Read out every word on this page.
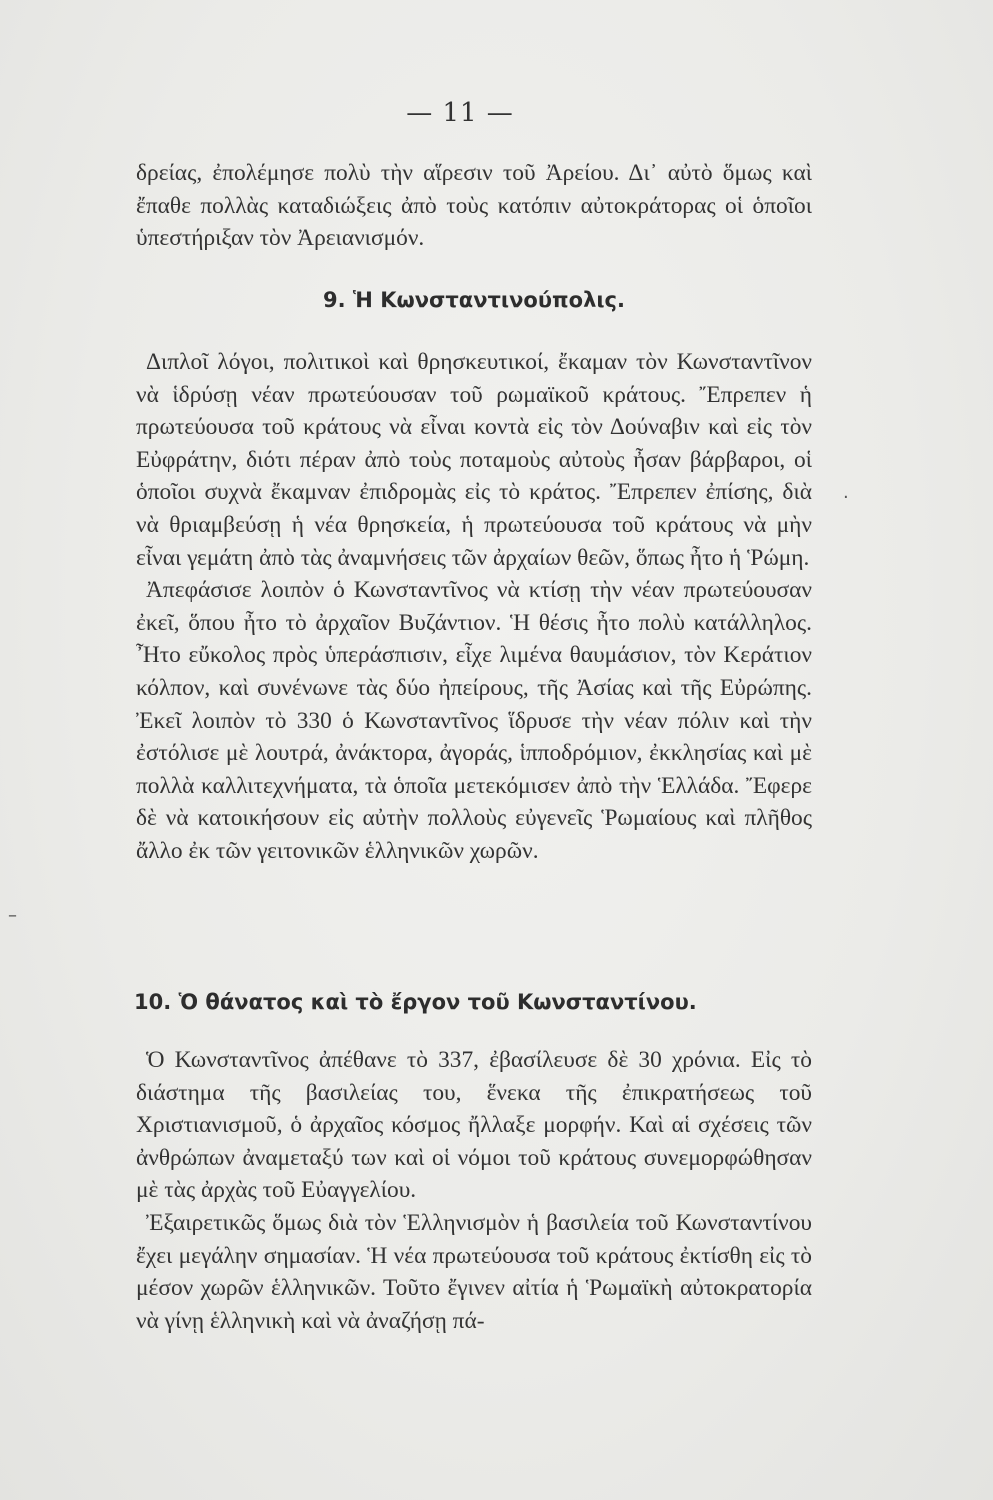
— 11 —

δρείας, ἐπολέμησε πολὺ τὴν αἵρεσιν τοῦ Ἀρείου. Δι᾽ αὐτὸ ὅμως καὶ ἔπαθε πολλὰς καταδιώξεις ἀπὸ τοὺς κατόπιν αὐτοκράτορας οἱ ὁποῖοι ὑπεστήριξαν τὸν Ἀρειανισμόν.

9. Ἡ Κωνσταντινούπολις.

Διπλοῖ λόγοι, πολιτικοὶ καὶ θρησκευτικοί, ἔκαμαν τὸν Κωνσταντῖνον νὰ ἱδρύσῃ νέαν πρωτεύουσαν τοῦ ρωμαϊκοῦ κράτους. Ἔπρεπεν ἡ πρωτεύουσα τοῦ κράτους νὰ εἶναι κοντὰ εἰς τὸν Δούναβιν καὶ εἰς τὸν Εὐφράτην, διότι πέραν ἀπὸ τοὺς ποταμοὺς αὐτοὺς ἦσαν βάρβαροι, οἱ ὁποῖοι συχνὰ ἔκαμναν ἐπιδρομὰς εἰς τὸ κράτος. Ἔπρεπεν ἐπίσης, διὰ νὰ θριαμβεύσῃ ἡ νέα θρησκεία, ἡ πρωτεύουσα τοῦ κράτους νὰ μὴν εἶναι γεμάτη ἀπὸ τὰς ἀναμνήσεις τῶν ἀρχαίων θεῶν, ὅπως ἦτο ἡ Ῥώμη.

Ἀπεφάσισε λοιπὸν ὁ Κωνσταντῖνος νὰ κτίσῃ τὴν νέαν πρωτεύουσαν ἐκεῖ, ὅπου ἦτο τὸ ἀρχαῖον Βυζάντιον. Ἡ θέσις ἦτο πολὺ κατάλληλος. Ἦτο εὔκολος πρὸς ὑπεράσπισιν, εἶχε λιμένα θαυμάσιον, τὸν Κεράτιον κόλπον, καὶ συνένωνε τὰς δύο ἠπείρους, τῆς Ἀσίας καὶ τῆς Εὐρώπης. Ἐκεῖ λοιπὸν τὸ 330 ὁ Κωνσταντῖνος ἵδρυσε τὴν νέαν πόλιν καὶ τὴν ἐστόλισε μὲ λουτρά, ἀνάκτορα, ἀγοράς, ἱπποδρόμιον, ἐκκλησίας καὶ μὲ πολλὰ καλλιτεχνήματα, τὰ ὁποῖα μετεκόμισεν ἀπὸ τὴν Ἑλλάδα. Ἔφερε δὲ νὰ κατοικήσουν εἰς αὐτὴν πολλοὺς εὐγενεῖς Ῥωμαίους καὶ πλῆθος ἄλλο ἐκ τῶν γειτονικῶν ἑλληνικῶν χωρῶν.

10. Ὁ θάνατος καὶ τὸ ἔργον τοῦ Κωνσταντίνου.

Ὁ Κωνσταντῖνος ἀπέθανε τὸ 337, ἐβασίλευσε δὲ 30 χρόνια. Εἰς τὸ διάστημα τῆς βασιλείας του, ἕνεκα τῆς ἐπικρατήσεως τοῦ Χριστιανισμοῦ, ὁ ἀρχαῖος κόσμος ἤλλαξε μορφήν. Καὶ αἱ σχέσεις τῶν ἀνθρώπων ἀναμεταξύ των καὶ οἱ νόμοι τοῦ κράτους συνεμορφώθησαν μὲ τὰς ἀρχὰς τοῦ Εὐαγγελίου.

Ἐξαιρετικῶς ὅμως διὰ τὸν Ἑλληνισμὸν ἡ βασιλεία τοῦ Κωνσταντίνου ἔχει μεγάλην σημασίαν. Ἡ νέα πρωτεύουσα τοῦ κράτους ἐκτίσθη εἰς τὸ μέσον χωρῶν ἑλληνικῶν. Τοῦτο ἔγινεν αἰτία ἡ Ῥωμαϊκὴ αὐτοκρατορία νὰ γίνῃ ἑλληνικὴ καὶ νὰ ἀναζήσῃ πά-

–
.
